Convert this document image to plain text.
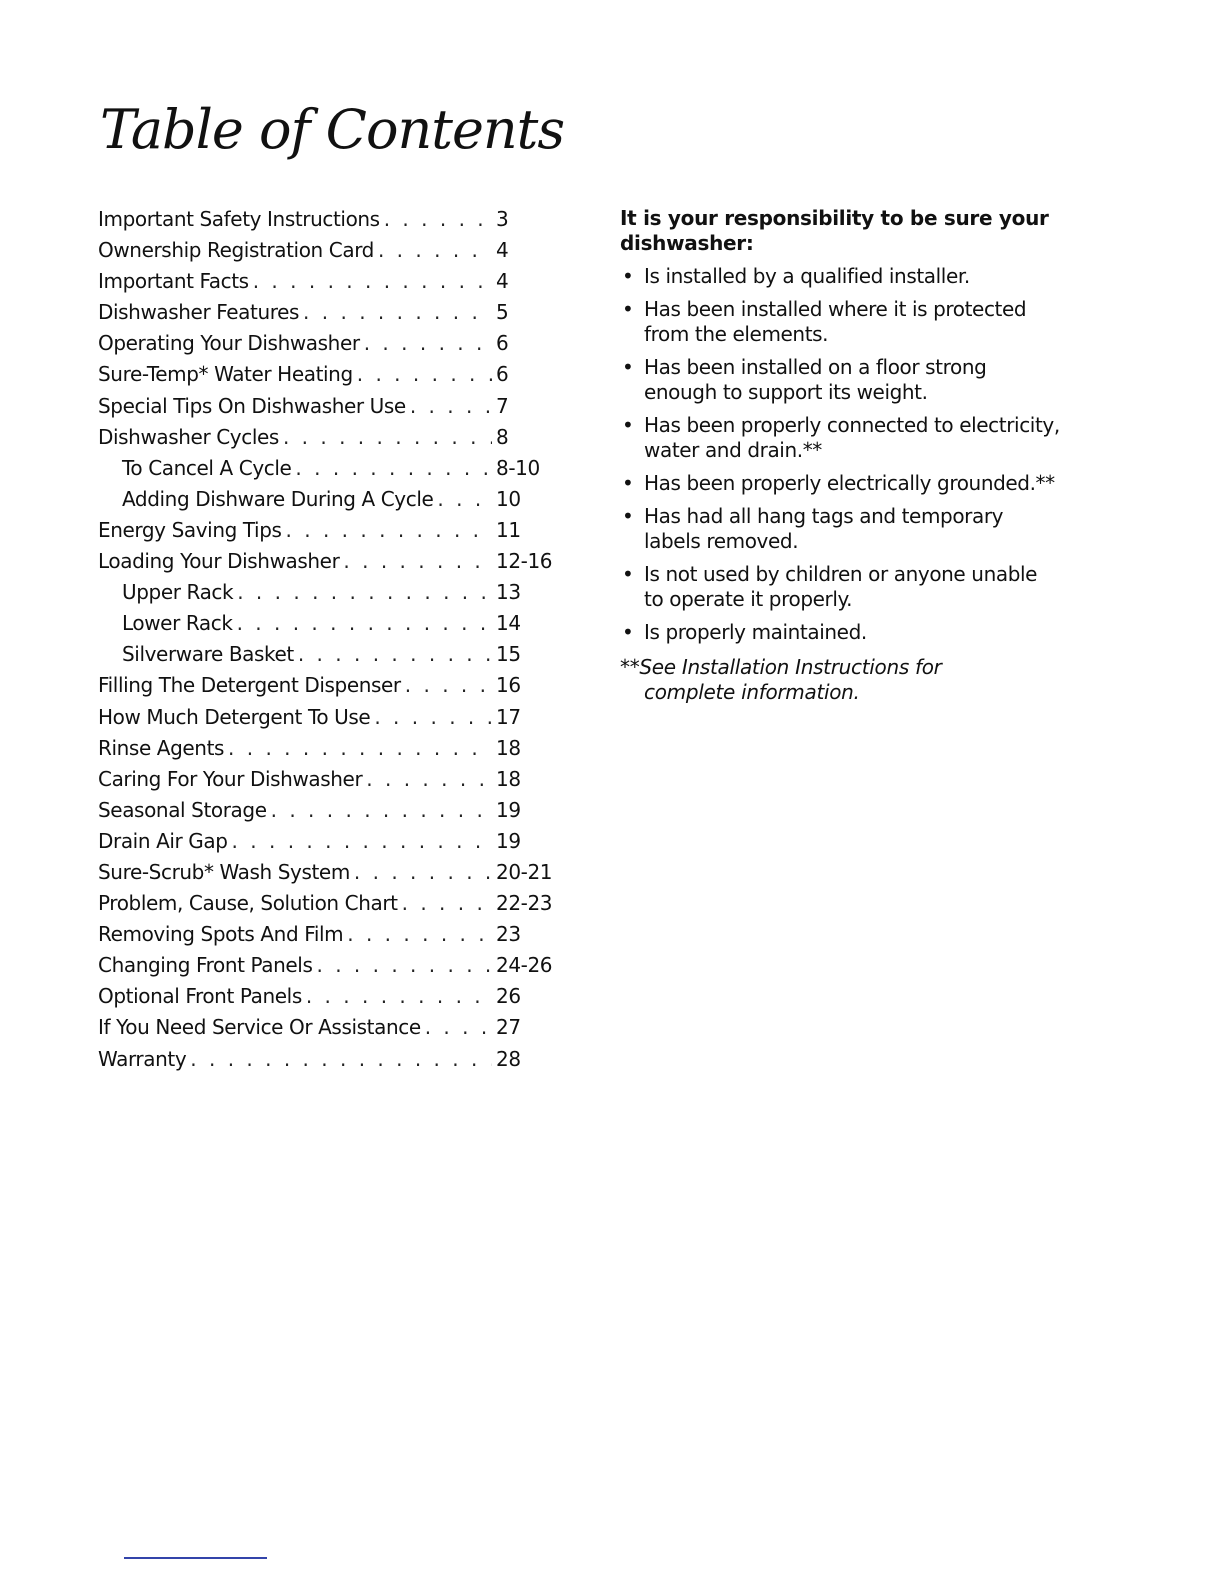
Table of Contents
Important Safety Instructions . . .	3
Ownership Registration Card . . .	4
Important Facts . . .	4
Dishwasher Features . . .	5
Operating Your Dishwasher . . .	6
Sure-Temp* Water Heating . . .	6
Special Tips On Dishwasher Use . . .	7
Dishwasher Cycles . . .	8
To Cancel A Cycle . . .	8-10
Adding Dishware During A Cycle . . .	10
Energy Saving Tips . . .	11
Loading Your Dishwasher . . .	12-16
Upper Rack . . .	13
Lower Rack . . .	14
Silverware Basket . . .	15
Filling The Detergent Dispenser . . .	16
How Much Detergent To Use . . .	17
Rinse Agents . . .	18
Caring For Your Dishwasher . . .	18
Seasonal Storage . . .	19
Drain Air Gap . . .	19
Sure-Scrub* Wash System . . .	20-21
Problem, Cause, Solution Chart . . .	22-23
Removing Spots And Film . . .	23
Changing Front Panels . . .	24-26
Optional Front Panels . . .	26
If You Need Service Or Assistance . . .	27
Warranty . . .	28

It is your responsibility to be sure your dishwasher:

• Is installed by a qualified installer.
• Has been installed where it is protected from the elements.
• Has been installed on a floor strong enough to support its weight.
• Has been properly connected to electricity, water and drain.**
• Has been properly electrically grounded.**
• Has had all hang tags and temporary labels removed.
• Is not used by children or anyone unable to operate it properly.
• Is properly maintained.

**See Installation Instructions for
complete information.
